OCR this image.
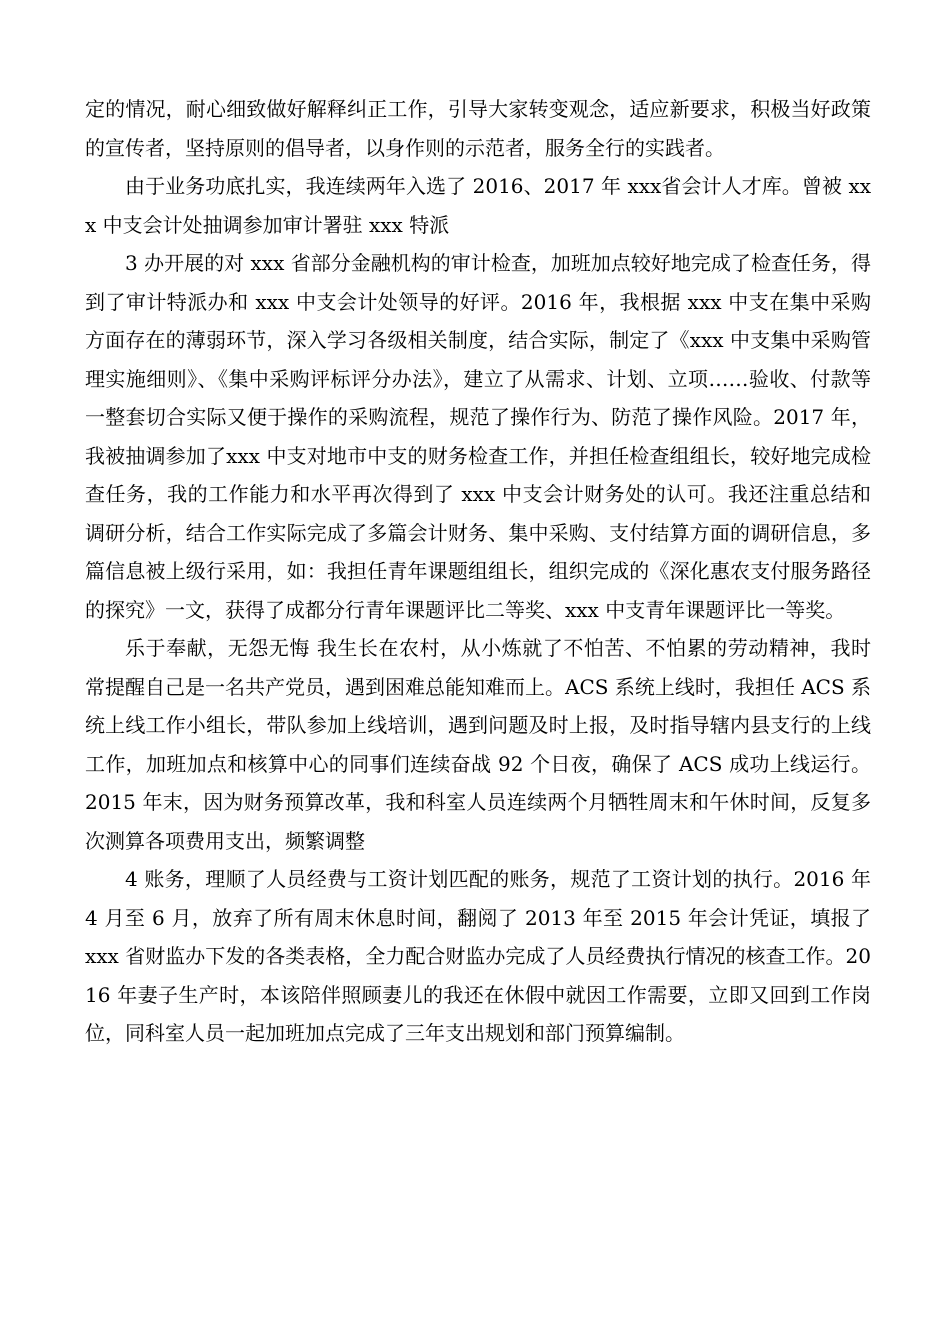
定的情况，耐心细致做好解释纠正工作，引导大家转变观念，适应新要求，积极当好政策的宣传者，坚持原则的倡导者，以身作则的示范者，服务全行的实践者。

由于业务功底扎实，我连续两年入选了 2016、2017 年 xxx省会计人才库。曾被 xxx 中支会计处抽调参加审计署驻 xxx 特派

3 办开展的对 xxx 省部分金融机构的审计检查，加班加点较好地完成了检查任务，得到了审计特派办和 xxx 中支会计处领导的好评。2016 年，我根据 xxx 中支在集中采购方面存在的薄弱环节，深入学习各级相关制度，结合实际，制定了《xxx 中支集中采购管理实施细则》、《集中采购评标评分办法》，建立了从需求、计划、立项……验收、付款等一整套切合实际又便于操作的采购流程，规范了操作行为、防范了操作风险。2017 年，我被抽调参加了xxx 中支对地市中支的财务检查工作，并担任检查组组长，较好地完成检查任务，我的工作能力和水平再次得到了 xxx 中支会计财务处的认可。我还注重总结和调研分析，结合工作实际完成了多篇会计财务、集中采购、支付结算方面的调研信息，多篇信息被上级行采用，如：我担任青年课题组组长，组织完成的《深化惠农支付服务路径的探究》一文，获得了成都分行青年课题评比二等奖、xxx 中支青年课题评比一等奖。

乐于奉献，无怨无悔 我生长在农村，从小炼就了不怕苦、不怕累的劳动精神，我时常提醒自己是一名共产党员，遇到困难总能知难而上。ACS 系统上线时，我担任 ACS 系统上线工作小组长，带队参加上线培训，遇到问题及时上报，及时指导辖内县支行的上线工作，加班加点和核算中心的同事们连续奋战 92 个日夜，确保了 ACS 成功上线运行。2015 年末，因为财务预算改革，我和科室人员连续两个月牺牲周末和午休时间，反复多次测算各项费用支出，频繁调整

4 账务，理顺了人员经费与工资计划匹配的账务，规范了工资计划的执行。2016 年 4 月至 6 月，放弃了所有周末休息时间，翻阅了 2013 年至 2015 年会计凭证，填报了 xxx 省财监办下发的各类表格，全力配合财监办完成了人员经费执行情况的核查工作。2016 年妻子生产时，本该陪伴照顾妻儿的我还在休假中就因工作需要，立即又回到工作岗位，同科室人员一起加班加点完成了三年支出规划和部门预算编制。
